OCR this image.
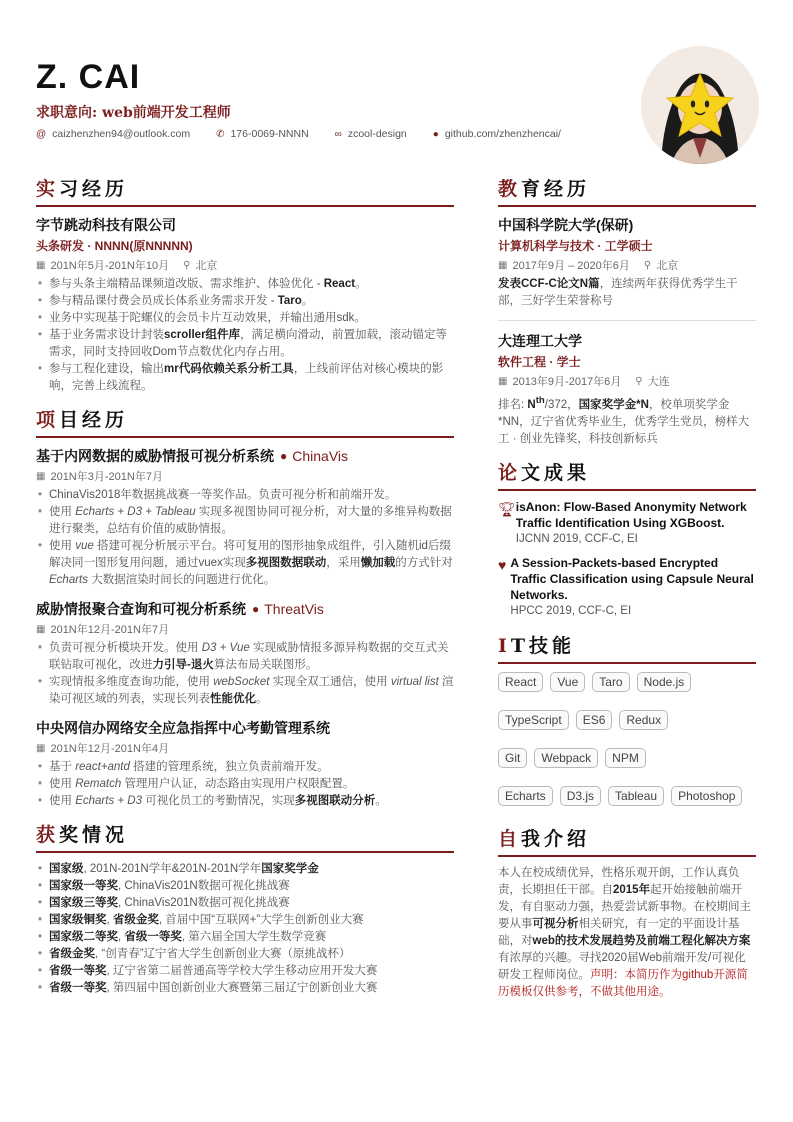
Z. CAI
求职意向: web前端开发工程师
@ caizhenzhen94@outlook.com	✆ 176-0069-NNNN	∞ zcool-design	● github.com/zhenzhencai/
实习经历
字节跳动科技有限公司
头条研发 · NNNN(原NNNNN)
▦ 201N年5月-201N年10月 ⚲ 北京
• 参与头条主端精品课频道改版、需求维护、体验优化 - React。
• 参与精品课付费会员成长体系业务需求开发 - Taro。
• 业务中实现基于陀螺仪的会员卡片互动效果，并输出通用sdk。
• 基于业务需求设计封装scroller组件库，满足横向滑动，前置加载，滚动锚定等需求，同时支持回收Dom节点数优化内存占用。
• 参与工程化建设，输出mr代码依赖关系分析工具，上线前评估对核心模块的影响，完善上线流程。
项目经历
基于内网数据的威胁情报可视分析系统 ● ChinaVis
▦ 201N年3月-201N年7月
• ChinaVis2018年数据挑战赛一等奖作品。负责可视分析和前端开发。
• 使用 Echarts + D3 + Tableau 实现多视图协同可视分析，对大量的多维异构数据进行聚类，总结有价值的威胁情报。
• 使用 vue 搭建可视分析展示平台。将可复用的图形抽象成组件，引入随机id后缀解决同一图形复用问题，通过vuex实现多视图数据联动，采用懒加载的方式针对 Echarts 大数据渲染时间长的问题进行优化。
威胁情报聚合查询和可视分析系统 ● ThreatVis
▦ 201N年12月-201N年7月
• 负责可视分析模块开发。使用 D3 + Vue 实现威胁情报多源异构数据的交互式关联钻取可视化，改进力引导-退火算法布局关联图形。
• 实现情报多维度查询功能，使用 webSocket 实现全双工通信，使用 virtual list 渲染可视区域的列表，实现长列表性能优化。
中央网信办网络安全应急指挥中心考勤管理系统
▦ 201N年12月-201N年4月
• 基于 react+antd 搭建的管理系统，独立负责前端开发。
• 使用 Rematch 管理用户认证，动态路由实现用户权限配置。
• 使用 Echarts + D3 可视化员工的考勤情况，实现多视图联动分析。
获奖情况
• 国家级, 201N-201N学年&201N-201N学年国家奖学金
• 国家级一等奖, ChinaVis201N数据可视化挑战赛
• 国家级三等奖, ChinaVis201N数据可视化挑战赛
• 国家级铜奖, 省级金奖, 首届中国“互联网+”大学生创新创业大赛
• 国家级二等奖, 省级一等奖, 第六届全国大学生数学竞赛
• 省级金奖, “创青春”辽宁省大学生创新创业大赛（原挑战杯）
• 省级一等奖, 辽宁省第二届普通高等学校大学生移动应用开发大赛
• 省级一等奖, 第四届中国创新创业大赛暨第三届辽宁创新创业大赛
教育经历
中国科学院大学(保研)
计算机科学与技术 · 工学硕士
▦ 2017年9月 – 2020年6月 ⚲ 北京
发表CCF-C论文N篇，连续两年获得优秀学生干部，三好学生荣誉称号
大连理工大学
软件工程 · 学士
▦ 2013年9月-2017年6月 ⚲ 大连
排名: $N^{th}/372$，国家奖学金*N，校单项奖学金*NN，辽宁省优秀毕业生，优秀学生党员，榜样大工 · 创业先锋奖，科技创新标兵
论文成果
🏆︎ isAnon: Flow-Based Anonymity Network Traffic Identification Using XGBoost.
IJCNN 2019, CCF-C, EI
♥ A Session-Packets-based Encrypted Traffic Classification using Capsule Neural Networks.
HPCC 2019, CCF-C, EI
IT技能
React	Vue	Taro	Node.js
TypeScript	ES6	Redux
Git	Webpack	NPM
Echarts	D3.js	Tableau	Photoshop
自我介绍
本人在校成绩优异，性格乐观开朗，工作认真负责，长期担任干部。自2015年起开始接触前端开发，有自驱动力强，热爱尝试新事物。在校期间主要从事可视分析相关研究，有一定的平面设计基础，对web的技术发展趋势及前端工程化解决方案有浓厚的兴趣。寻找2020届Web前端开发/可视化研发工程师岗位。声明：本简历作为github开源简历模板仅供参考，不做其他用途。
